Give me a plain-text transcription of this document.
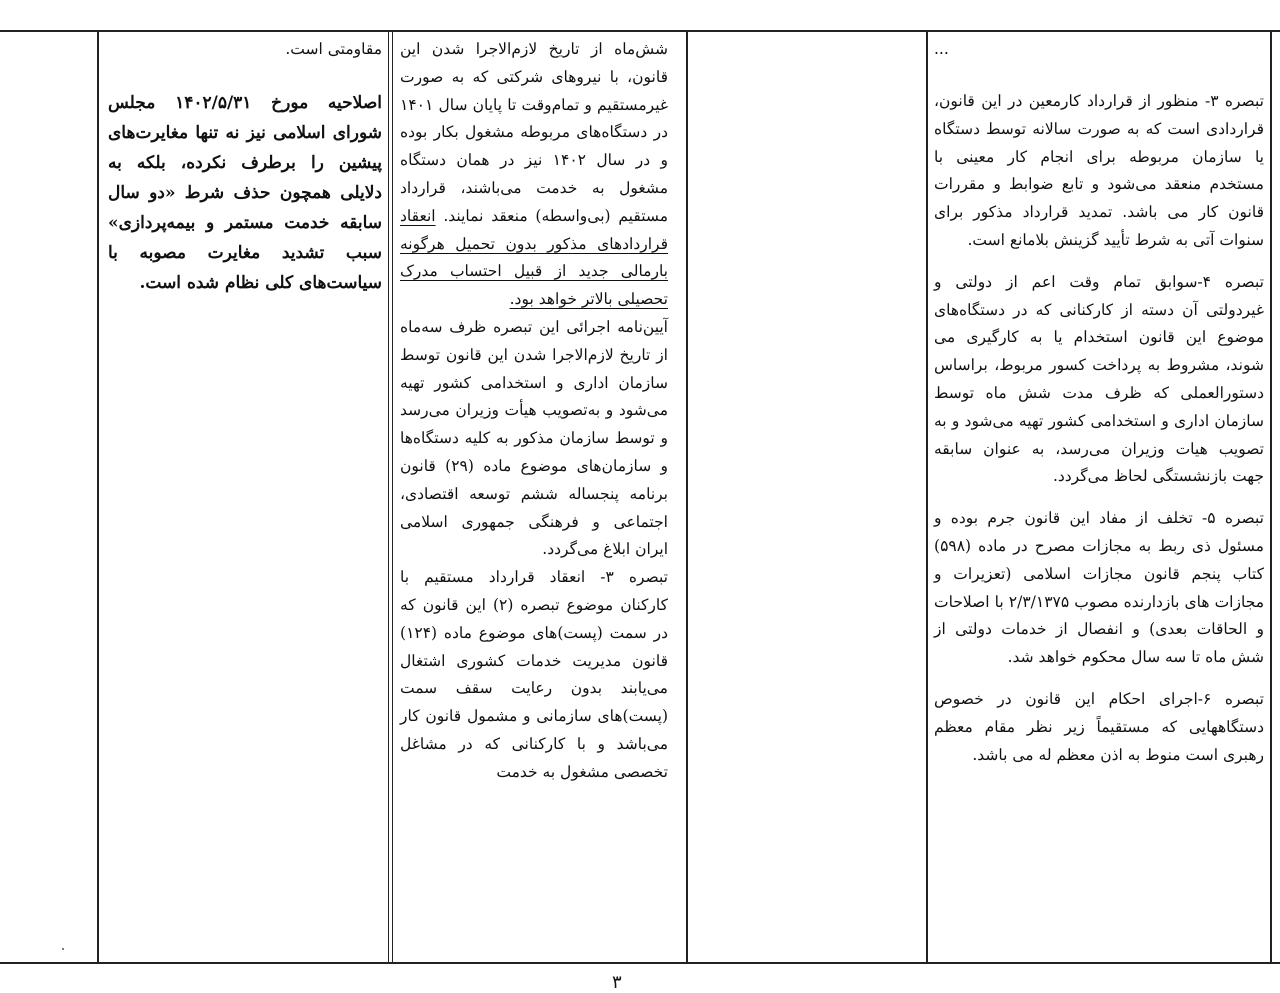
...

تبصره ۳- منظور از قرارداد کارمعین در این قانون، قراردادی است که به صورت سالانه توسط دستگاه یا سازمان مربوطه برای انجام کار معینی با مستخدم منعقد می‌شود و تابع ضوابط و مقررات قانون کار می باشد. تمدید قرارداد مذکور برای سنوات آتی به شرط تأیید گزینش بلامانع است.

تبصره ۴-سوابق تمام وقت اعم از دولتی و غیردولتی آن دسته از کارکنانی که در دستگاه‌های موضوع این قانون استخدام یا به کارگیری می شوند، مشروط به پرداخت کسور مربوط، براساس دستورالعملی که ظرف مدت شش ماه توسط سازمان اداری و استخدامی کشور تهیه می‌شود و به تصویب هیات وزیران می‌رسد، به عنوان سابقه جهت بازنشستگی لحاظ می‌گردد.

تبصره ۵- تخلف از مفاد این قانون جرم بوده و مسئول ذی ربط به مجازات مصرح در ماده (۵۹۸) کتاب پنجم قانون مجازات اسلامی (تعزیرات و مجازات های بازدارنده مصوب ۲/۳/۱۳۷۵ با اصلاحات و الحاقات بعدی) و انفصال از خدمات دولتی از شش ماه تا سه سال محکوم خواهد شد.

تبصره ۶-اجرای احکام این قانون در خصوص دستگاههایی که مستقیماً زیر نظر مقام معظم رهبری است منوط به اذن معظم له می باشد.

شش‌ماه از تاریخ لازم‌الاجرا شدن این قانون، با نیروهای شرکتی که به صورت غیرمستقیم و تمام‌وقت تا پایان سال ۱۴۰۱ در دستگاه‌های مربوطه مشغول بکار بوده و در سال ۱۴۰۲ نیز در همان دستگاه مشغول به خدمت می‌باشند، قرارداد مستقیم (بی‌واسطه) منعقد نمایند. انعقاد قراردادهای مذکور بدون تحمیل هرگونه بارمالی جدید از قبیل احتساب مدرک تحصیلی بالاتر خواهد بود.

آیین‌نامه اجرائی این تبصره ظرف سه‌ماه از تاریخ لازم‌الاجرا شدن این قانون توسط سازمان اداری و استخدامی کشور تهیه می‌شود و به‌تصویب هیأت وزیران می‌رسد و توسط سازمان مذکور به کلیه دستگاه‌ها و سازمان‌های موضوع ماده (۲۹) قانون برنامه پنجساله ششم توسعه اقتصادی، اجتماعی و فرهنگی جمهوری اسلامی ایران ابلاغ می‌گردد.

تبصره ۳- انعقاد قرارداد مستقیم با کارکنان موضوع تبصره (۲) این قانون که در سمت (پست)های موضوع ماده (۱۲۴) قانون مدیریت خدمات کشوری اشتغال می‌یابند بدون رعایت سقف سمت (پست)های سازمانی و مشمول قانون کار می‌باشد و با کارکنانی که در مشاغل تخصصی مشغول به خدمت

مقاومتی است.

اصلاحیه مورخ ۱۴۰۲/۵/۳۱ مجلس شورای اسلامی نیز نه تنها مغایرت‌های پیشین را برطرف نکرده، بلکه به دلایلی همچون حذف شرط «دو سال سابقه خدمت مستمر و بیمه‌پردازی» سبب تشدید مغایرت مصوبه با سیاست‌های کلی نظام شده است.

۳
